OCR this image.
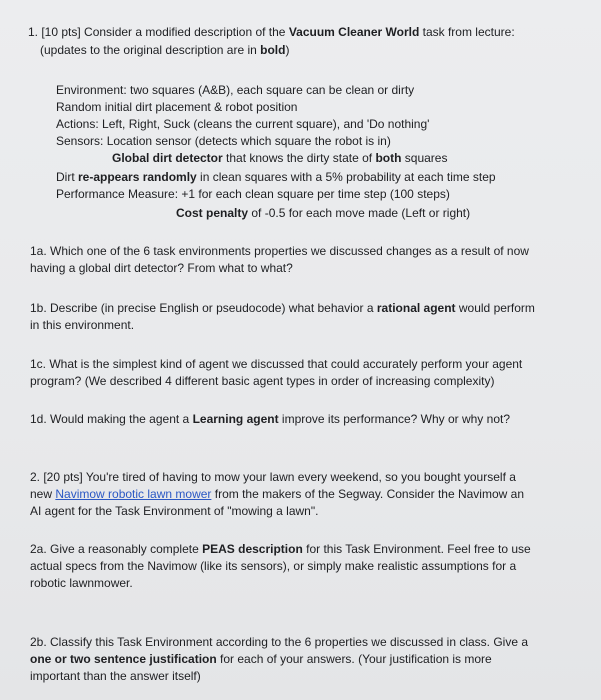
1. [10 pts] Consider a modified description of the Vacuum Cleaner World task from lecture:
(updates to the original description are in bold)
Environment: two squares (A&B), each square can be clean or dirty
Random initial dirt placement & robot position
Actions: Left, Right, Suck (cleans the current square), and 'Do nothing'
Sensors: Location sensor (detects which square the robot is in)
Global dirt detector that knows the dirty state of both squares
Dirt re-appears randomly in clean squares with a 5% probability at each time step
Performance Measure: +1 for each clean square per time step (100 steps)
Cost penalty of -0.5 for each move made (Left or right)
1a. Which one of the 6 task environments properties we discussed changes as a result of now
having a global dirt detector? From what to what?
1b. Describe (in precise English or pseudocode) what behavior a rational agent would perform
in this environment.
1c. What is the simplest kind of agent we discussed that could accurately perform your agent
program? (We described 4 different basic agent types in order of increasing complexity)
1d. Would making the agent a Learning agent improve its performance? Why or why not?
2. [20 pts] You're tired of having to mow your lawn every weekend, so you bought yourself a
new Navimow robotic lawn mower from the makers of the Segway. Consider the Navimow an
AI agent for the Task Environment of "mowing a lawn".
2a. Give a reasonably complete PEAS description for this Task Environment. Feel free to use
actual specs from the Navimow (like its sensors), or simply make realistic assumptions for a
robotic lawnmower.
2b. Classify this Task Environment according to the 6 properties we discussed in class. Give a
one or two sentence justification for each of your answers. (Your justification is more
important than the answer itself)
